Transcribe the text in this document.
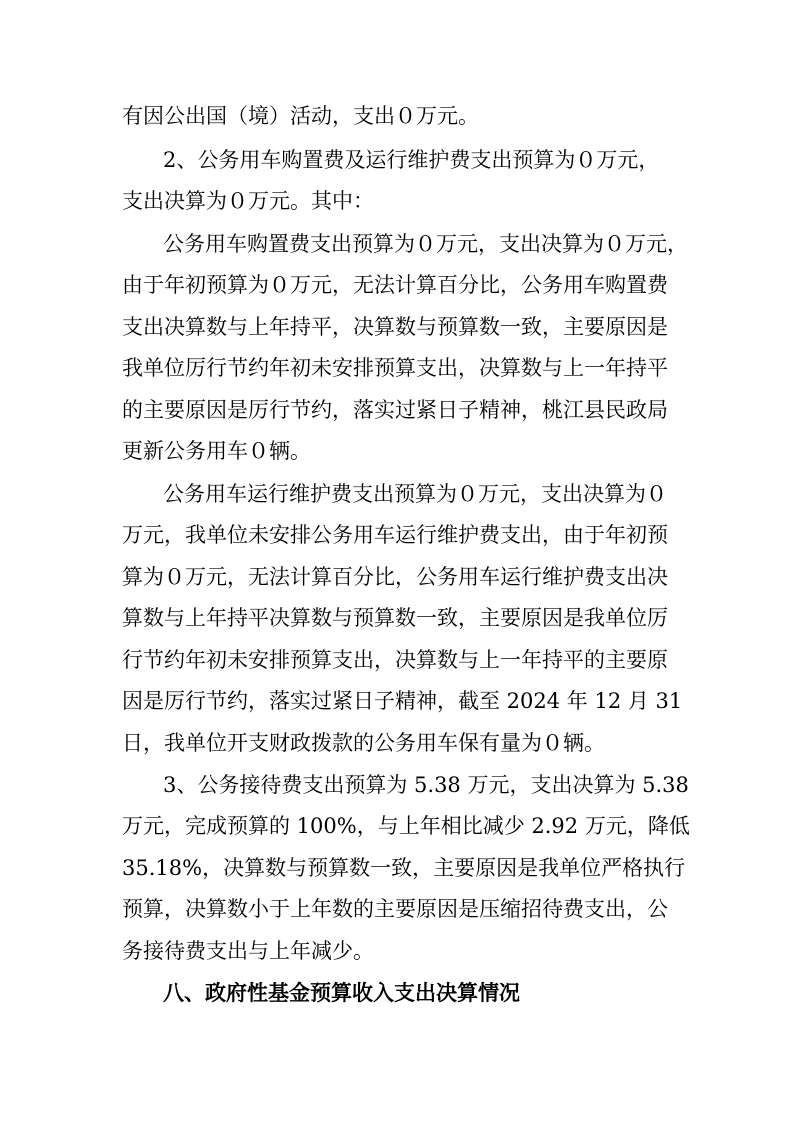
有因公出国（境）活动，支出０万元。
2、公务用车购置费及运行维护费支出预算为０万元，
支出决算为０万元。其中：
公务用车购置费支出预算为０万元，支出决算为０万元，
由于年初预算为０万元，无法计算百分比，公务用车购置费
支出决算数与上年持平，决算数与预算数一致，主要原因是
我单位厉行节约年初未安排预算支出，决算数与上一年持平
的主要原因是厉行节约，落实过紧日子精神，桃江县民政局
更新公务用车０辆。
公务用车运行维护费支出预算为０万元，支出决算为０
万元，我单位未安排公务用车运行维护费支出，由于年初预
算为０万元，无法计算百分比，公务用车运行维护费支出决
算数与上年持平决算数与预算数一致，主要原因是我单位厉
行节约年初未安排预算支出，决算数与上一年持平的主要原
因是厉行节约，落实过紧日子精神，截至 2024 年 12 月 31
日，我单位开支财政拨款的公务用车保有量为０辆。
3、公务接待费支出预算为 5.38 万元，支出决算为 5.38
万元，完成预算的 100%，与上年相比减少 2.92 万元，降低
35.18%，决算数与预算数一致，主要原因是我单位严格执行
预算，决算数小于上年数的主要原因是压缩招待费支出，公
务接待费支出与上年减少。
八、政府性基金预算收入支出决算情况
